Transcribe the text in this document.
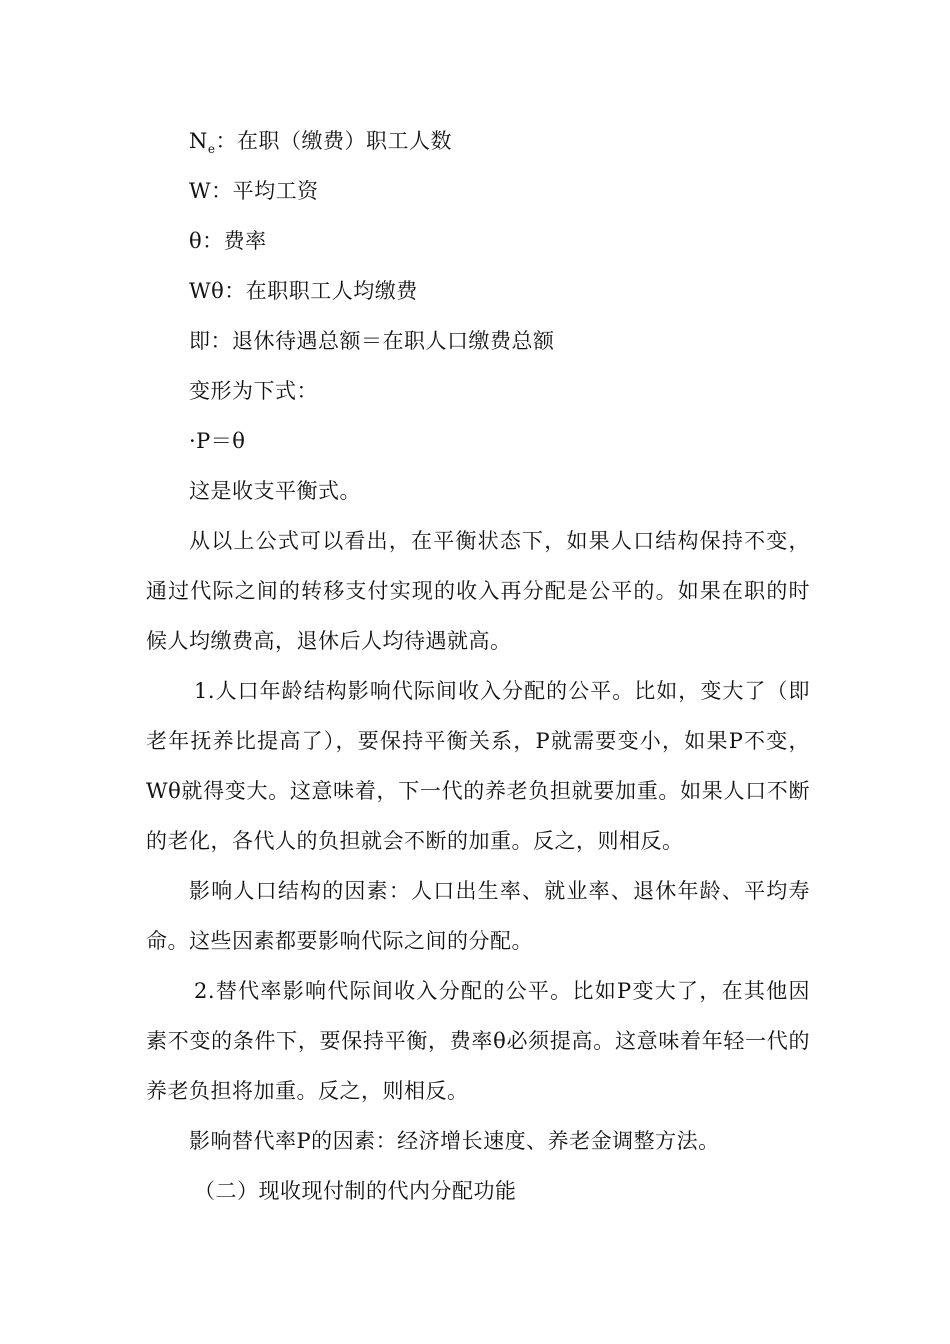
$N_e$：在职（缴费）职工人数
W：平均工资
θ：费率
Wθ：在职职工人均缴费
即：退休待遇总额＝在职人口缴费总额
变形为下式：
·P＝θ
这是收支平衡式。
从以上公式可以看出，在平衡状态下，如果人口结构保持不变，通过代际之间的转移支付实现的收入再分配是公平的。如果在职的时候人均缴费高，退休后人均待遇就高。
1.人口年龄结构影响代际间收入分配的公平。比如，变大了（即老年抚养比提高了），要保持平衡关系，P就需要变小，如果P不变，Wθ就得变大。这意味着，下一代的养老负担就要加重。如果人口不断的老化，各代人的负担就会不断的加重。反之，则相反。
影响人口结构的因素：人口出生率、就业率、退休年龄、平均寿命。这些因素都要影响代际之间的分配。
2.替代率影响代际间收入分配的公平。比如P变大了，在其他因素不变的条件下，要保持平衡，费率θ必须提高。这意味着年轻一代的养老负担将加重。反之，则相反。
影响替代率P的因素：经济增长速度、养老金调整方法。
（二）现收现付制的代内分配功能
